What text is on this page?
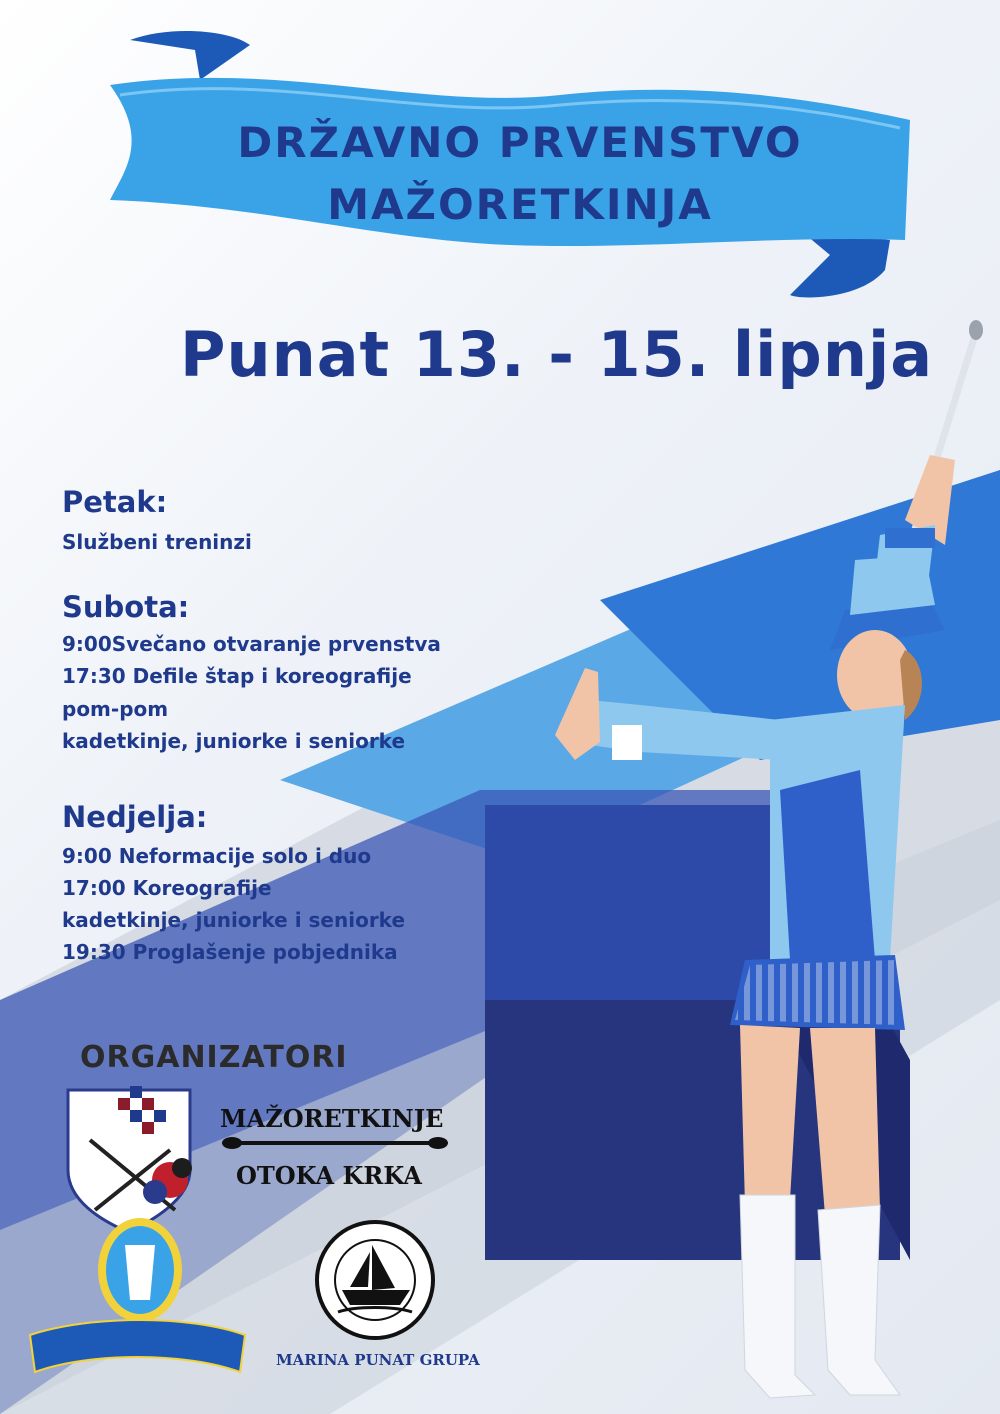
DRŽAVNO PRVENSTVO
MAŽORETKINJA
Punat 13. - 15. lipnja
Petak:
Službeni treninzi
Subota:
9:00Svečano otvaranje prvenstva
17:30 Defile štap i koreografije
pom-pom
kadetkinje, juniorke i seniorke
Nedjelja:
9:00 Neformacije solo i duo
17:00 Koreografije
kadetkinje, juniorke i seniorke
19:30 Proglašenje pobjednika
ORGANIZATORI
MAŽORETKINJE
OTOKA KRKA
MARINA PUNAT GRUPA
